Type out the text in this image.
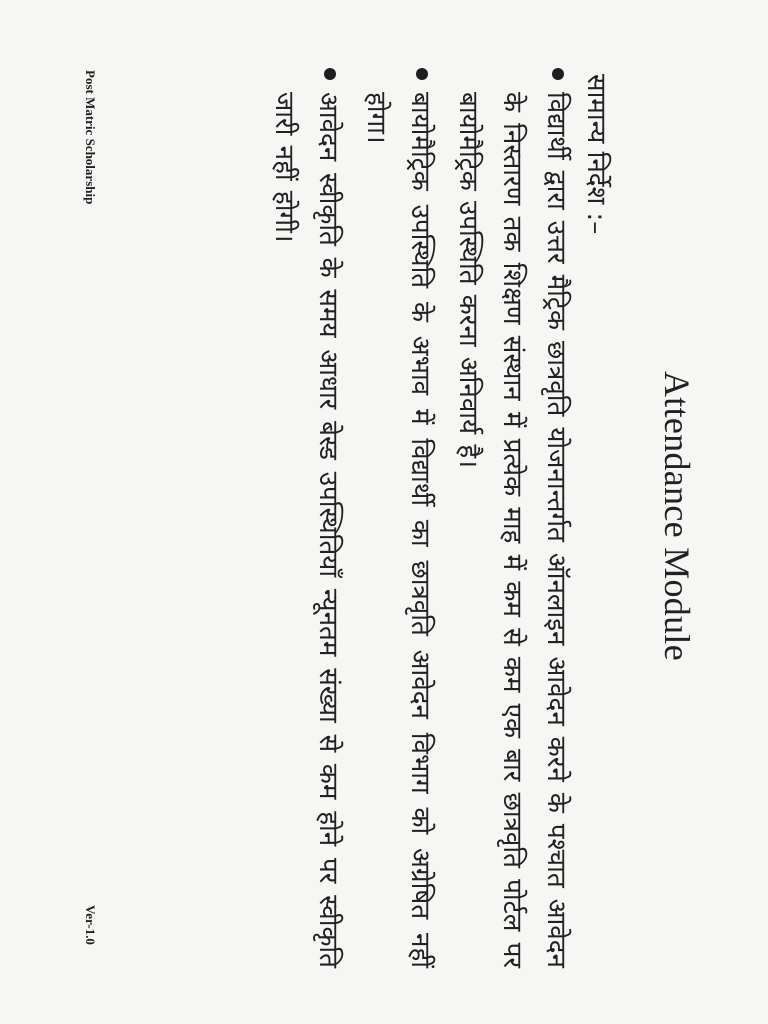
Attendance Module
सामान्य निर्देश :–
विद्यार्थी द्वारा उत्तर मैट्रिक छात्रवृति योजनान्तर्गत ऑनलाइन आवेदन करने के पश्चात आवेदन के निस्तारण तक शिक्षण संस्थान में प्रत्येक माह में कम से कम एक बार छात्रवृति पोर्टल पर बायोमैट्रिक उपस्थिति करना अनिवार्य है।
बायोमैट्रिक उपस्थिति के अभाव में विद्यार्थी का छात्रवृति आवेदन विभाग को अग्रेषित नहीं होगा।
आवेदन स्वीकृति के समय आधार बेस्ड उपस्थितियाँ न्यूनतम संख्या से कम होने पर स्वीकृति जारी नहीं होगी।
Post Matric Scholarship
Ver-1.0
